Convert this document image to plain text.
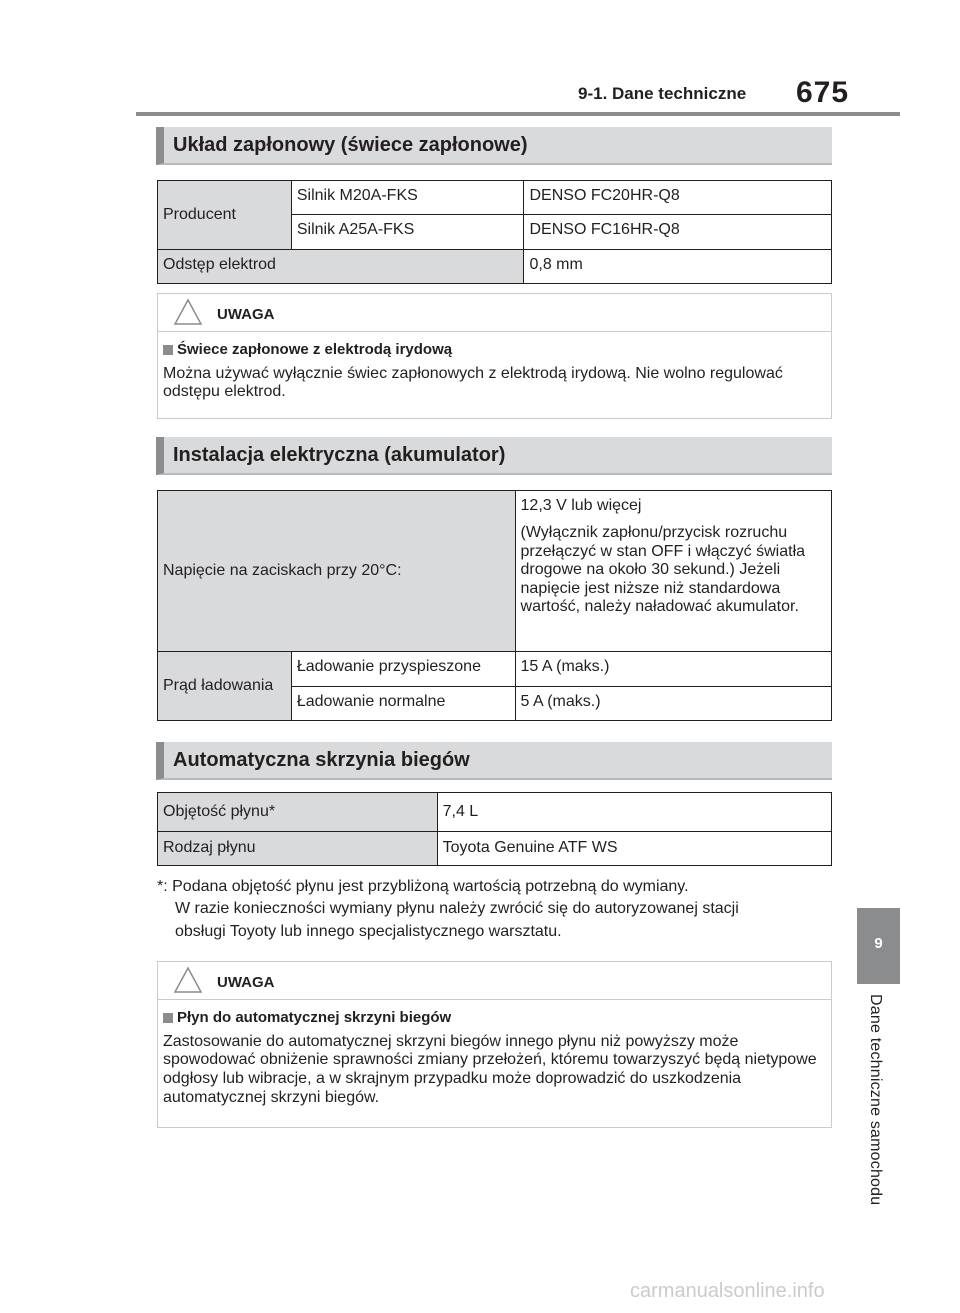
9-1. Dane techniczne 675
Układ zapłonowy (świece zapłonowe)
Producent	Silnik M20A-FKS	DENSO FC20HR-Q8
	Silnik A25A-FKS	DENSO FC16HR-Q8
Odstęp elektrod		0,8 mm
UWAGA
Świece zapłonowe z elektrodą irydową
Można używać wyłącznie świec zapłonowych z elektrodą irydową. Nie wolno regulować odstępu elektrod.
Instalacja elektryczna (akumulator)
Napięcie na zaciskach przy 20°C:		12,3 V lub więcej
(Wyłącznik zapłonu/przycisk rozruchu przełączyć w stan OFF i włączyć światła drogowe na około 30 sekund.) Jeżeli napięcie jest niższe niż standardowa wartość, należy naładować akumulator.

Prąd ładowania	Ładowanie przyspieszone	15 A (maks.)
	Ładowanie normalne	5 A (maks.)
Automatyczna skrzynia biegów
Objętość płynu*	7,4 L
Rodzaj płynu	Toyota Genuine ATF WS
*: Podana objętość płynu jest przybliżoną wartością potrzebną do wymiany.
W razie konieczności wymiany płynu należy zwrócić się do autoryzowanej stacji
obsługi Toyoty lub innego specjalistycznego warsztatu.
UWAGA
Płyn do automatycznej skrzyni biegów
Zastosowanie do automatycznej skrzyni biegów innego płynu niż powyższy może spowodować obniżenie sprawności zmiany przełożeń, któremu towarzyszyć będą nietypowe odgłosy lub wibracje, a w skrajnym przypadku może doprowadzić do uszkodzenia automatycznej skrzyni biegów.
9
Dane techniczne samochodu
carmanualsonline.info
